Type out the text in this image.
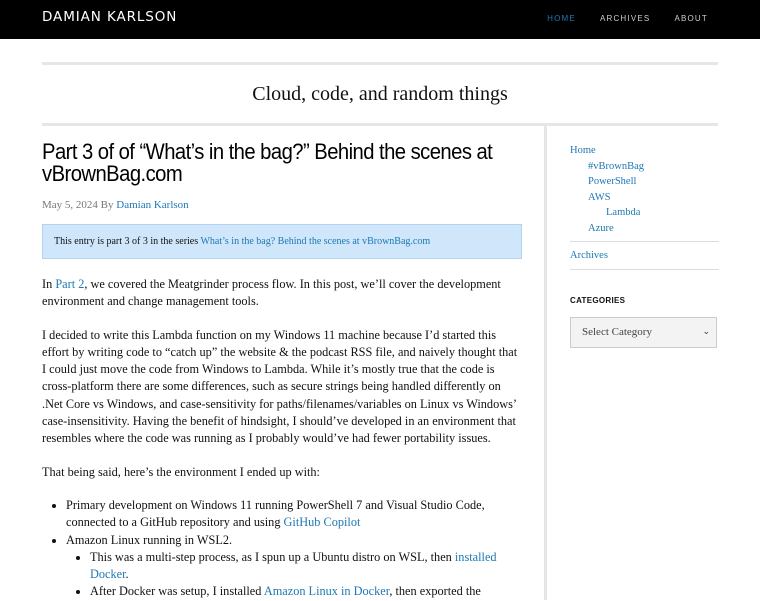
DAMIAN KARLSON	HOME	ARCHIVES	ABOUT

Cloud, code, and random things

Part 3 of of “What’s in the bag?” Behind the scenes at vBrownBag.com
May 5, 2024 By Damian Karlson
This entry is part 3 of 3 in the series What’s in the bag? Behind the scenes at vBrownBag.com

In Part 2, we covered the Meatgrinder process flow. In this post, we’ll cover the development environment and change management tools.

I decided to write this Lambda function on my Windows 11 machine because I’d started this effort by writing code to “catch up” the website & the podcast RSS file, and naively thought that I could just move the code from Windows to Lambda. While it’s mostly true that the code is cross-platform there are some differences, such as secure strings being handled differently on .Net Core vs Windows, and case-sensitivity for paths/filenames/variables on Linux vs Windows’ case-insensitivity. Having the benefit of hindsight, I should’ve developed in an environment that resembles where the code was running as I probably would’ve had fewer portability issues.

That being said, here’s the environment I ended up with:

• Primary development on Windows 11 running PowerShell 7 and Visual Studio Code, connected to a GitHub repository and using GitHub Copilot
• Amazon Linux running in WSL2.
• This was a multi-step process, as I spun up a Ubuntu distro on WSL, then installed Docker.
• After Docker was setup, I installed Amazon Linux in Docker, then exported the
Home
#vBrownBag
PowerShell
AWS
Lambda
Azure
Archives
CATEGORIES
Select Category	⌄
